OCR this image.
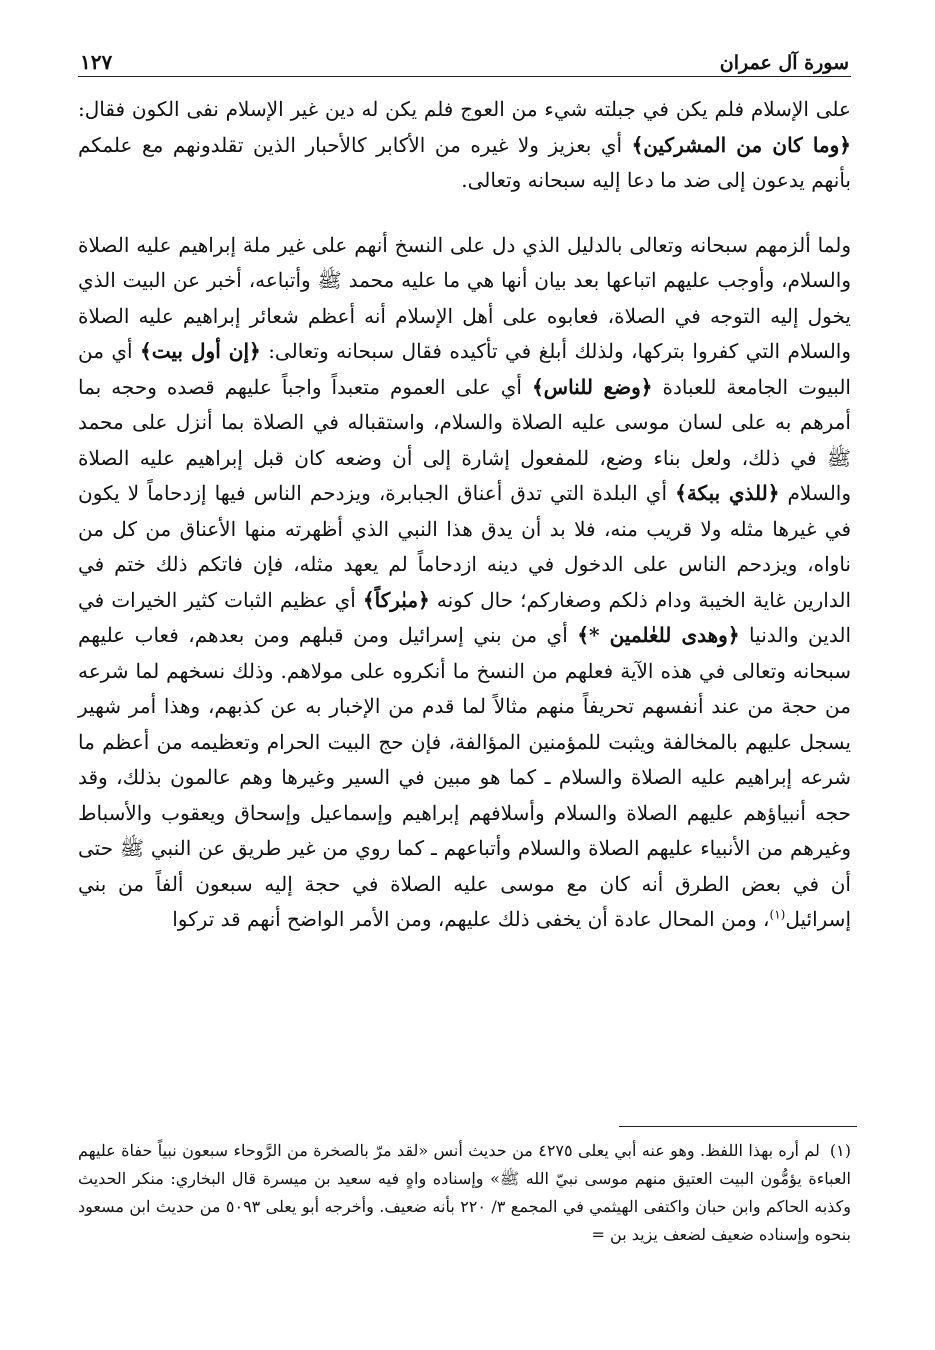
سورة آل عمران
١٢٧

على الإسلام فلم يكن في جبلته شيء من العوج فلم يكن له دين غير الإسلام نفى الكون فقال: ﴿وما كان من المشركين﴾ أي بعزيز ولا غيره من الأكابر كالأحبار الذين تقلدونهم مع علمكم بأنهم يدعون إلى ضد ما دعا إليه سبحانه وتعالى.

ولما ألزمهم سبحانه وتعالى بالدليل الذي دل على النسخ أنهم على غير ملة إبراهيم عليه الصلاة والسلام، وأوجب عليهم اتباعها بعد بيان أنها هي ما عليه محمد ﷺ وأتباعه، أخبر عن البيت الذي يخول إليه التوجه في الصلاة، فعابوه على أهل الإسلام أنه أعظم شعائر إبراهيم عليه الصلاة والسلام التي كفروا بتركها، ولذلك أبلغ في تأكيده فقال سبحانه وتعالى: ﴿إن أول بيت﴾ أي من البيوت الجامعة للعبادة ﴿وضع للناس﴾ أي على العموم متعبداً واجباً عليهم قصده وحجه بما أمرهم به على لسان موسى عليه الصلاة والسلام، واستقباله في الصلاة بما أنزل على محمد ﷺ في ذلك، ولعل بناء وضع، للمفعول إشارة إلى أن وضعه كان قبل إبراهيم عليه الصلاة والسلام ﴿للذي ببكة﴾ أي البلدة التي تدق أعناق الجبابرة، ويزدحم الناس فيها إزدحاماً لا يكون في غيرها مثله ولا قريب منه، فلا بد أن يدق هذا النبي الذي أظهرته منها الأعناق من كل من ناواه، ويزدحم الناس على الدخول في دينه ازدحاماً لم يعهد مثله، فإن فاتكم ذلك ختم في الدارين غاية الخيبة ودام ذلكم وصغاركم؛ حال كونه ﴿مبٰركاً﴾ أي عظيم الثبات كثير الخيرات في الدين والدنيا ﴿وهدى للعٰلمين *﴾ أي من بني إسرائيل ومن قبلهم ومن بعدهم، فعاب عليهم سبحانه وتعالى في هذه الآية فعلهم من النسخ ما أنكروه على مولاهم. وذلك نسخهم لما شرعه من حجة من عند أنفسهم تحريفاً منهم مثالاً لما قدم من الإخبار به عن كذبهم، وهذا أمر شهير يسجل عليهم بالمخالفة ويثبت للمؤمنين المؤالفة، فإن حج البيت الحرام وتعظيمه من أعظم ما شرعه إبراهيم عليه الصلاة والسلام ـ كما هو مبين في السير وغيرها وهم عالمون بذلك، وقد حجه أنبياؤهم عليهم الصلاة والسلام وأسلافهم إبراهيم وإسماعيل وإسحاق ويعقوب والأسباط وغيرهم من الأنبياء عليهم الصلاة والسلام وأتباعهم ـ كما روي من غير طريق عن النبي ﷺ حتى أن في بعض الطرق أنه كان مع موسى عليه الصلاة في حجة إليه سبعون ألفاً من بني إسرائيل$^{(١)}$، ومن المحال عادة أن يخفى ذلك عليهم، ومن الأمر الواضح أنهم قد تركوا

(١)لم أره بهذا اللفظ. وهو عنه أبي يعلى ٤٢٧٥ من حديث أنس «لقد مرّ بالصخرة من الرَّوحاء سبعون نبياً حفاة عليهم العباءة يؤمُّون البيت العتيق منهم موسى نبيّ الله ﷺ» وإسناده واهٍ فيه سعيد بن ميسرة قال البخاري: منكر الحديث وكذبه الحاكم وابن حبان واكتفى الهيثمي في المجمع ٣/ ٢٢٠ بأنه ضعيف. وأخرجه أبو يعلى ٥٠٩٣ من حديث ابن مسعود بنحوه وإسناده ضعيف لضعف يزيد بن =
